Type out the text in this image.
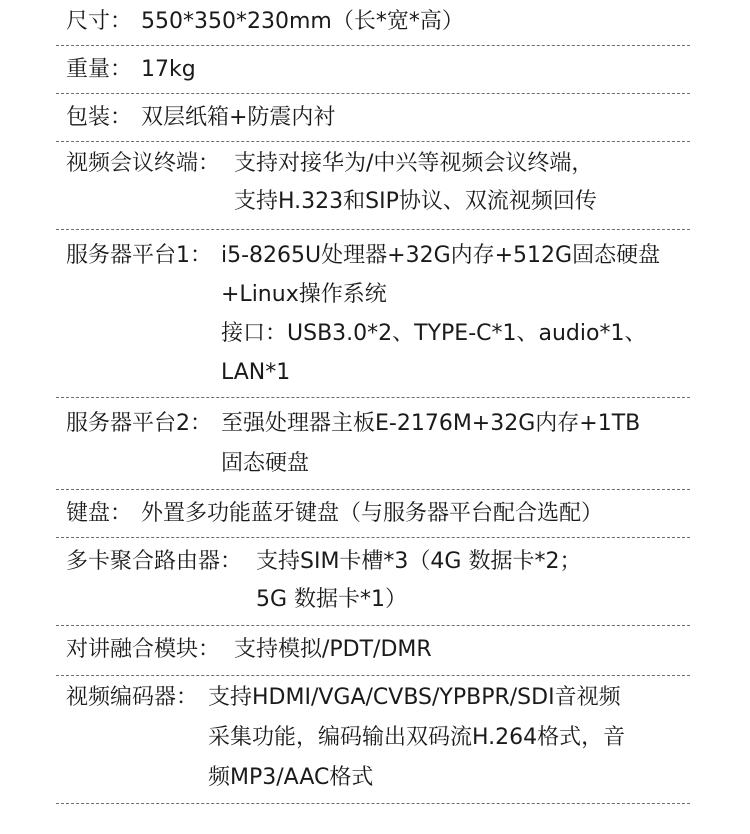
尺寸： 550*350*230mm（长*宽*高）
重量： 17kg
包装： 双层纸箱+防震内衬
视频会议终端： 支持对接华为/中兴等视频会议终端，
支持H.323和SIP协议、双流视频回传
服务器平台1： i5-8265U处理器+32G内存+512G固态硬盘
+Linux操作系统
接口：USB3.0*2、TYPE-C*1、audio*1、
LAN*1
服务器平台2： 至强处理器主板E-2176M+32G内存+1TB
固态硬盘
键盘： 外置多功能蓝牙键盘（与服务器平台配合选配）
多卡聚合路由器： 支持SIM卡槽*3（4G 数据卡*2；
5G 数据卡*1）
对讲融合模块： 支持模拟/PDT/DMR
视频编码器： 支持HDMI/VGA/CVBS/YPBPR/SDI音视频
采集功能，编码输出双码流H.264格式，音
频MP3/AAC格式
